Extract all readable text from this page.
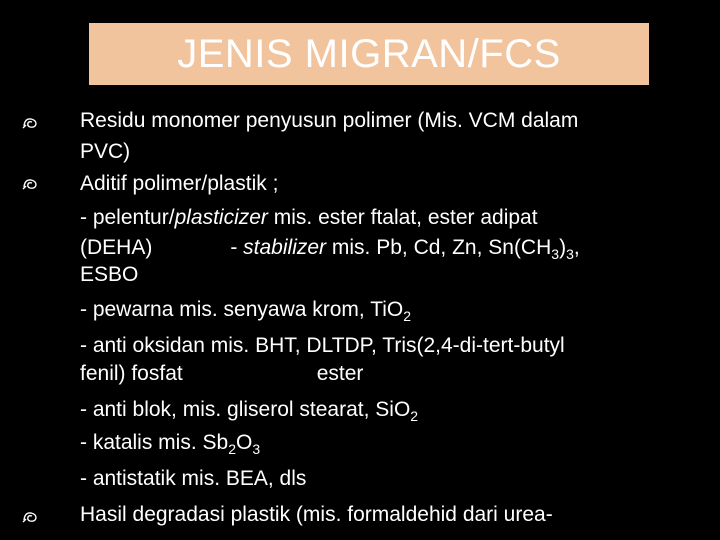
JENIS MIGRAN/FCS
Residu monomer penyusun polimer (Mis. VCM dalam
PVC)
Aditif polimer/plastik ;
- pelentur/plasticizer mis. ester ftalat, ester adipat
(DEHA)	- stabilizer mis. Pb, Cd, Zn, $Sn(CH_3)_3$,
ESBO
- pewarna mis. senyawa krom, TiO$_2$
- anti oksidan mis. BHT, DLTDP, Tris(2,4-di-tert-butyl
fenil) fosfat	ester
- anti blok, mis. gliserol stearat, SiO$_2$
- katalis mis. $Sb_2O_3$
- antistatik mis. BEA, dls
Hasil degradasi plastik (mis. formaldehid dari urea-
